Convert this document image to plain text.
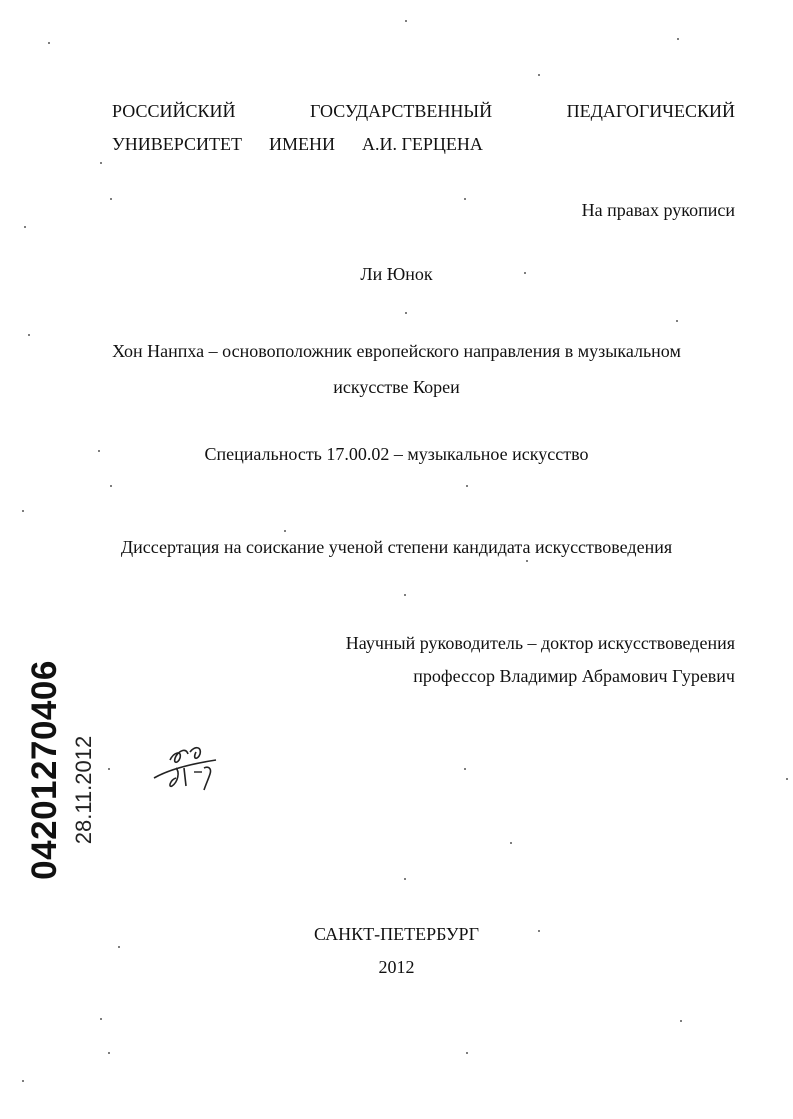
РОССИЙСКИЙ	ГОСУДАРСТВЕННЫЙ	ПЕДАГОГИЧЕСКИЙ
УНИВЕРСИТЕТ ИМЕНИ А.И. ГЕРЦЕНА
На правах рукописи
Ли Юнок
Хон Нанпха – основоположник европейского направления в музыкальном
искусстве Кореи
Специальность 17.00.02 – музыкальное искусство
Диссертация на соискание ученой степени кандидата искусствоведения
Научный руководитель – доктор искусствоведения
профессор Владимир Абрамович Гуревич
САНКТ-ПЕТЕРБУРГ
2012
04201270406 28.11.2012
